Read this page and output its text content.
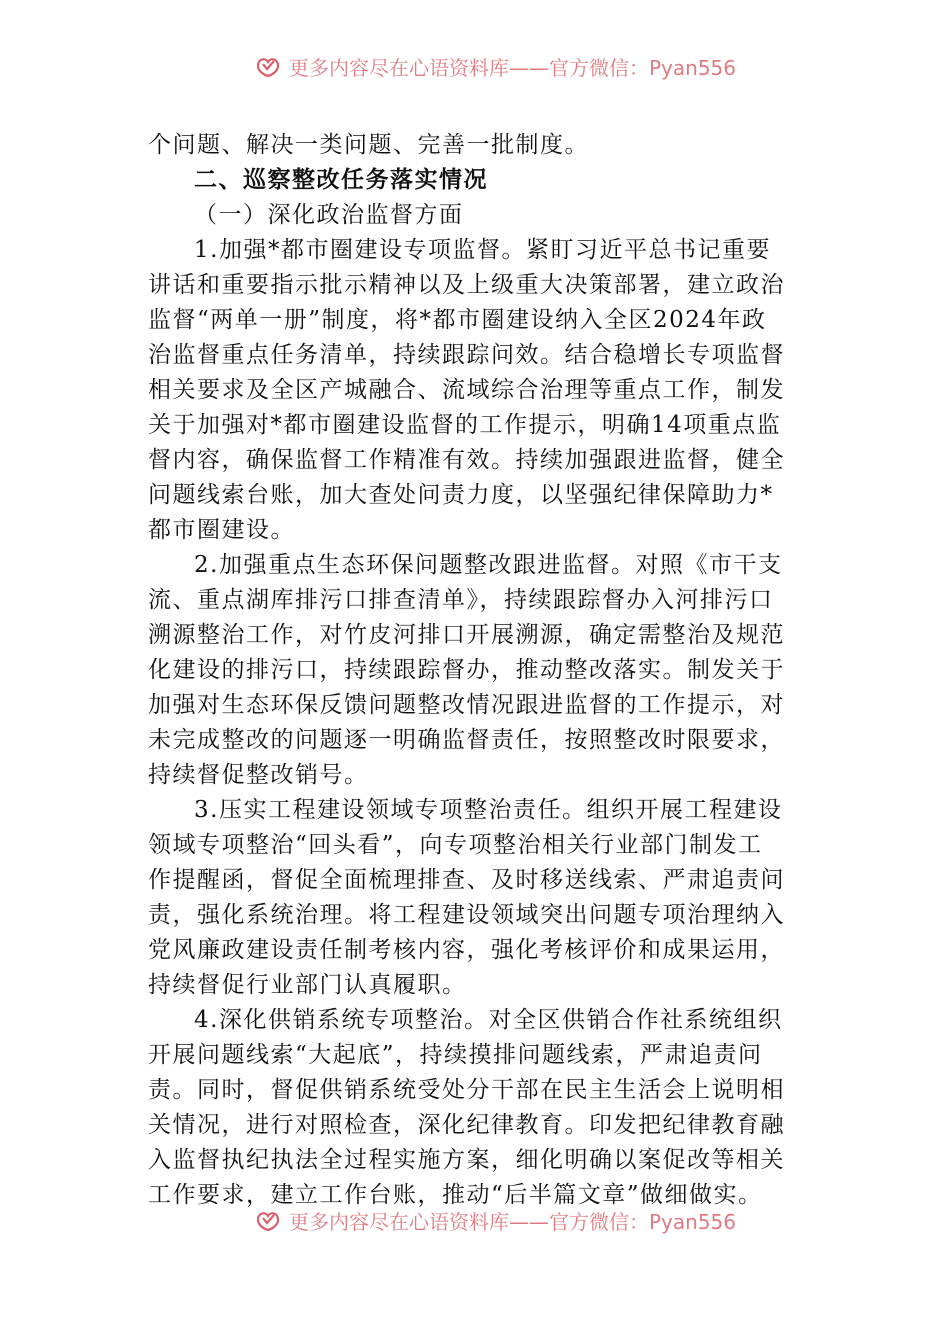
更多内容尽在心语资料库——官方微信：Pyan556
个问题、解决一类问题、完善一批制度。
二、巡察整改任务落实情况
（一）深化政治监督方面
1.加强*都市圈建设专项监督。紧盯习近平总书记重要
讲话和重要指示批示精神以及上级重大决策部署，建立政治
监督“两单一册”制度，将*都市圈建设纳入全区2024年政
治监督重点任务清单，持续跟踪问效。结合稳增长专项监督
相关要求及全区产城融合、流域综合治理等重点工作，制发
关于加强对*都市圈建设监督的工作提示，明确14项重点监
督内容，确保监督工作精准有效。持续加强跟进监督，健全
问题线索台账，加大查处问责力度，以坚强纪律保障助力*
都市圈建设。
2.加强重点生态环保问题整改跟进监督。对照《市干支
流、重点湖库排污口排查清单》，持续跟踪督办入河排污口
溯源整治工作，对竹皮河排口开展溯源，确定需整治及规范
化建设的排污口，持续跟踪督办，推动整改落实。制发关于
加强对生态环保反馈问题整改情况跟进监督的工作提示，对
未完成整改的问题逐一明确监督责任，按照整改时限要求，
持续督促整改销号。
3.压实工程建设领域专项整治责任。组织开展工程建设
领域专项整治“回头看”，向专项整治相关行业部门制发工
作提醒函，督促全面梳理排查、及时移送线索、严肃追责问
责，强化系统治理。将工程建设领域突出问题专项治理纳入
党风廉政建设责任制考核内容，强化考核评价和成果运用，
持续督促行业部门认真履职。
4.深化供销系统专项整治。对全区供销合作社系统组织
开展问题线索“大起底”，持续摸排问题线索，严肃追责问
责。同时，督促供销系统受处分干部在民主生活会上说明相
关情况，进行对照检查，深化纪律教育。印发把纪律教育融
入监督执纪执法全过程实施方案，细化明确以案促改等相关
工作要求，建立工作台账，推动“后半篇文章”做细做实。
更多内容尽在心语资料库——官方微信：Pyan556
